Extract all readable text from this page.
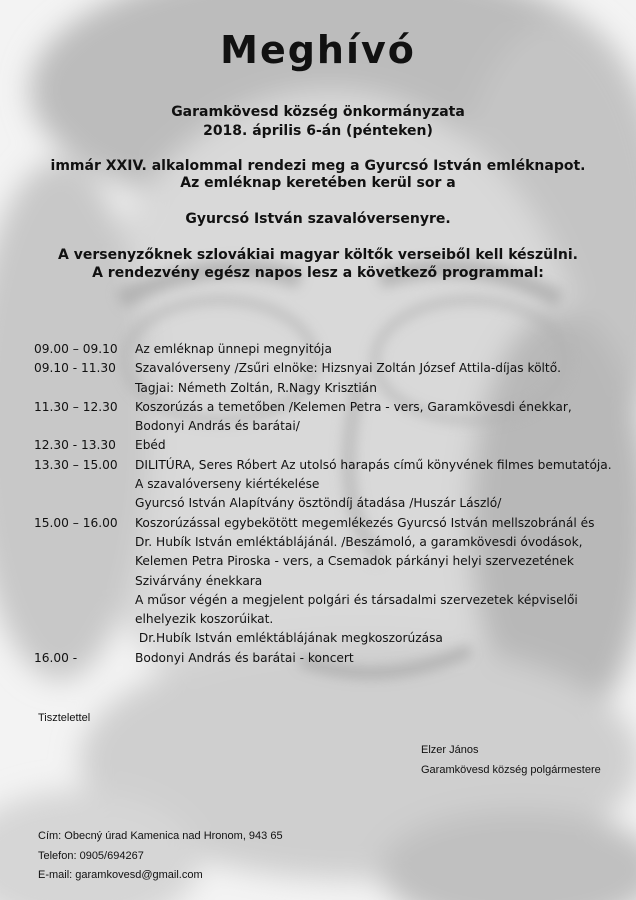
Meghívó
Garamkövesd község önkormányzata
2018. április 6-án (pénteken)
immár XXIV. alkalommal rendezi meg a Gyurcsó István emléknapot.
Az emléknap keretében kerül sor a
Gyurcsó István szavalóversenyre.
A versenyzőknek szlovákiai magyar költők verseiből kell készülni.
A rendezvény egész napos lesz a következő programmal:
09.00 – 09.10	Az emléknap ünnepi megnyitója
09.10 - 11.30	Szavalóverseny /Zsűri elnöke: Hizsnyai Zoltán József Attila-díjas költő.
Tagjai: Németh Zoltán, R.Nagy Krisztián
11.30 – 12.30	Koszorúzás a temetőben /Kelemen Petra - vers, Garamkövesdi énekkar,
Bodonyi András és barátai/
12.30 - 13.30	Ebéd
13.30 – 15.00	DILITÚRA, Seres Róbert Az utolsó harapás című könyvének filmes bemutatója.
A szavalóverseny kiértékelése
Gyurcsó István Alapítvány ösztöndíj átadása /Huszár László/
15.00 – 16.00	Koszorúzással egybekötött megemlékezés Gyurcsó István mellszobránál és
Dr. Hubík István emléktáblájánál. /Beszámoló, a garamkövesdi óvodások,
Kelemen Petra Piroska - vers, a Csemadok párkányi helyi szervezetének
Szivárvány énekkara
A műsor végén a megjelent polgári és társadalmi szervezetek képviselői
elhelyezik koszorúikat.
Dr.Hubík István emléktáblájának megkoszorúzása
16.00 -	Bodonyi András és barátai - koncert
Tisztelettel
Elzer János
Garamkövesd község polgármestere
Cím: Obecný úrad Kamenica nad Hronom, 943 65
Telefon: 0905/694267
E-mail: garamkovesd@gmail.com
